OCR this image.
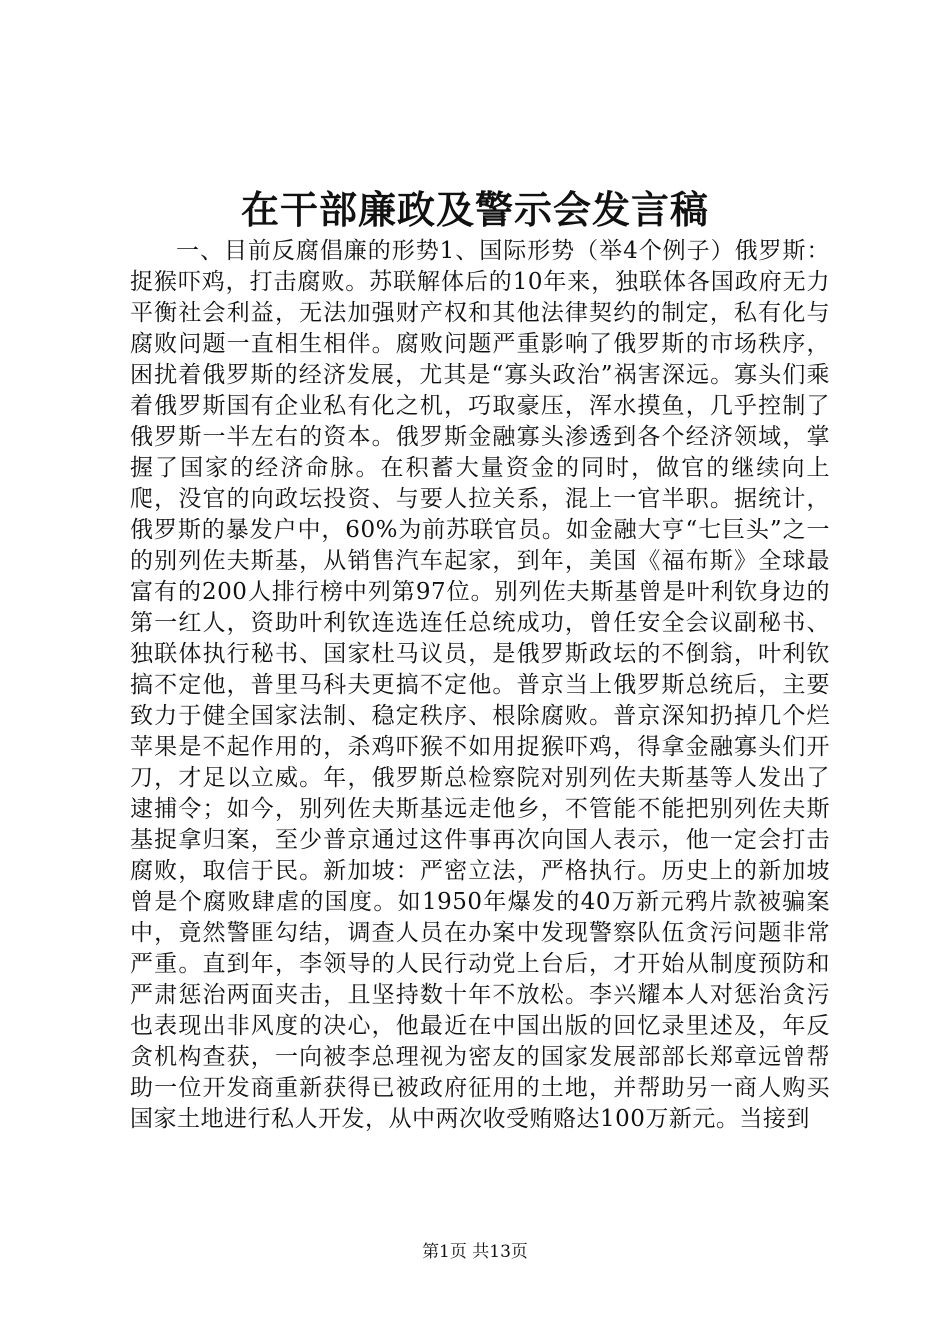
在干部廉政及警示会发言稿

一、目前反腐倡廉的形势1、国际形势（举4个例子）俄罗斯：捉猴吓鸡，打击腐败。苏联解体后的10年来，独联体各国政府无力平衡社会利益，无法加强财产权和其他法律契约的制定，私有化与腐败问题一直相生相伴。腐败问题严重影响了俄罗斯的市场秩序，困扰着俄罗斯的经济发展，尤其是“寡头政治”祸害深远。寡头们乘着俄罗斯国有企业私有化之机，巧取豪压，浑水摸鱼，几乎控制了俄罗斯一半左右的资本。俄罗斯金融寡头渗透到各个经济领域，掌握了国家的经济命脉。在积蓄大量资金的同时，做官的继续向上爬，没官的向政坛投资、与要人拉关系，混上一官半职。据统计，俄罗斯的暴发户中，60%为前苏联官员。如金融大亨“七巨头”之一的别列佐夫斯基，从销售汽车起家，到年，美国《福布斯》全球最富有的200人排行榜中列第97位。别列佐夫斯基曾是叶利钦身边的第一红人，资助叶利钦连选连任总统成功，曾任安全会议副秘书、独联体执行秘书、国家杜马议员，是俄罗斯政坛的不倒翁，叶利钦搞不定他，普里马科夫更搞不定他。普京当上俄罗斯总统后，主要致力于健全国家法制、稳定秩序、根除腐败。普京深知扔掉几个烂苹果是不起作用的，杀鸡吓猴不如用捉猴吓鸡，得拿金融寡头们开刀，才足以立威。年，俄罗斯总检察院对别列佐夫斯基等人发出了逮捕令；如今，别列佐夫斯基远走他乡，不管能不能把别列佐夫斯基捉拿归案，至少普京通过这件事再次向国人表示，他一定会打击腐败，取信于民。新加坡：严密立法，严格执行。历史上的新加坡曾是个腐败肆虐的国度。如1950年爆发的40万新元鸦片款被骗案中，竟然警匪勾结，调查人员在办案中发现警察队伍贪污问题非常严重。直到年，李领导的人民行动党上台后，才开始从制度预防和严肃惩治两面夹击，且坚持数十年不放松。李兴耀本人对惩治贪污也表现出非风度的决心，他最近在中国出版的回忆录里述及，年反贪机构查获，一向被李总理视为密友的国家发展部部长郑章远曾帮助一位开发商重新获得已被政府征用的土地，并帮助另一商人购买国家土地进行私人开发，从中两次收受贿赂达100万新元。当接到

第1页 共13页
